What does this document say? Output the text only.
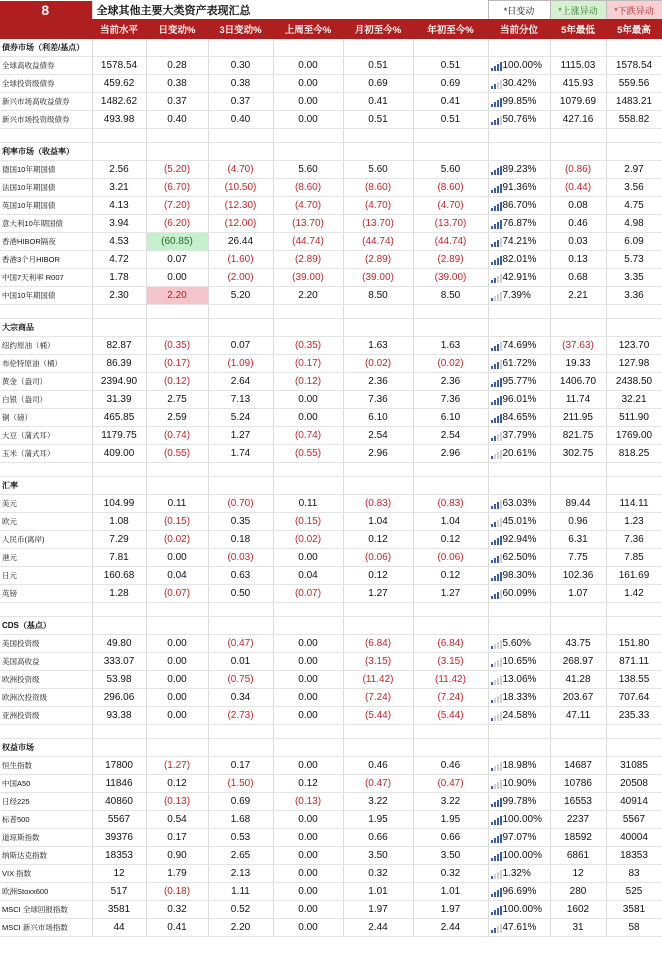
8	全球其他主要大类资产表现汇总						*日变动	*上涨异动	*下跌异动
	当前水平	日变动%	3日变动%	上周至今%	月初至今%	年初至今%	当前分位	5年最低	5年最高
债券市场（利差/基点）									
全球高收益债券	1578.54	0.28	0.30	0.00	0.51	0.51	100.00%	1115.03	1578.54
全球投资级债券	459.62	0.38	0.38	0.00	0.69	0.69	30.42%	415.93	559.56
新兴市场高收益债券	1482.62	0.37	0.37	0.00	0.41	0.41	99.85%	1079.69	1483.21
新兴市场投资级债券	493.98	0.40	0.40	0.00	0.51	0.51	50.76%	427.16	558.82

利率市场（收益率）									
德国10年期国债	2.56	(5.20)	(4.70)	5.60	5.60	5.60	89.23%	(0.86)	2.97
法国10年期国债	3.21	(6.70)	(10.50)	(8.60)	(8.60)	(8.60)	91.36%	(0.44)	3.56
英国10年期国债	4.13	(7.20)	(12.30)	(4.70)	(4.70)	(4.70)	86.70%	0.08	4.75
意大利10年期国债	3.94	(6.20)	(12.00)	(13.70)	(13.70)	(13.70)	76.87%	0.46	4.98
香港HIBOR隔夜	4.53	(60.85)	26.44	(44.74)	(44.74)	(44.74)	74.21%	0.03	6.09
香港3个月HIBOR	4.72	0.07	(1.60)	(2.89)	(2.89)	(2.89)	82.01%	0.13	5.73
中国7天利率 R007	1.78	0.00	(2.00)	(39.00)	(39.00)	(39.00)	42.91%	0.68	3.35
中国10年期国债	2.30	2.20	5.20	2.20	8.50	8.50	7.39%	2.21	3.36

大宗商品									
纽约原油（桶）	82.87	(0.35)	0.07	(0.35)	1.63	1.63	74.69%	(37.63)	123.70
布伦特原油（桶）	86.39	(0.17)	(1.09)	(0.17)	(0.02)	(0.02)	61.72%	19.33	127.98
黄金（盎司）	2394.90	(0.12)	2.64	(0.12)	2.36	2.36	95.77%	1406.70	2438.50
白银（盎司）	31.39	2.75	7.13	0.00	7.36	7.36	96.01%	11.74	32.21
铜（磅）	465.85	2.59	5.24	0.00	6.10	6.10	84.65%	211.95	511.90
大豆（蒲式耳）	1179.75	(0.74)	1.27	(0.74)	2.54	2.54	37.79%	821.75	1769.00
玉米（蒲式耳）	409.00	(0.55)	1.74	(0.55)	2.96	2.96	20.61%	302.75	818.25

汇率									
美元	104.99	0.11	(0.70)	0.11	(0.83)	(0.83)	63.03%	89.44	114.11
欧元	1.08	(0.15)	0.35	(0.15)	1.04	1.04	45.01%	0.96	1.23
人民币(离岸)	7.29	(0.02)	0.18	(0.02)	0.12	0.12	92.94%	6.31	7.36
港元	7.81	0.00	(0.03)	0.00	(0.06)	(0.06)	62.50%	7.75	7.85
日元	160.68	0.04	0.63	0.04	0.12	0.12	98.30%	102.36	161.69
英镑	1.28	(0.07)	0.50	(0.07)	1.27	1.27	60.09%	1.07	1.42

CDS（基点）									
美国投资级	49.80	0.00	(0.47)	0.00	(6.84)	(6.84)	5.60%	43.75	151.80
美国高收益	333.07	0.00	0.01	0.00	(3.15)	(3.15)	10.65%	268.97	871.11
欧洲投资级	53.98	0.00	(0.75)	0.00	(11.42)	(11.42)	13.06%	41.28	138.55
欧洲次投资级	296.06	0.00	0.34	0.00	(7.24)	(7.24)	18.33%	203.67	707.64
亚洲投资级	93.38	0.00	(2.73)	0.00	(5.44)	(5.44)	24.58%	47.11	235.33

权益市场									
恒生指数	17800	(1.27)	0.17	0.00	0.46	0.46	18.98%	14687	31085
中国A50	11846	0.12	(1.50)	0.12	(0.47)	(0.47)	10.90%	10786	20508
日经225	40860	(0.13)	0.69	(0.13)	3.22	3.22	99.78%	16553	40914
标普500	5567	0.54	1.68	0.00	1.95	1.95	100.00%	2237	5567
道琼斯指数	39376	0.17	0.53	0.00	0.66	0.66	97.07%	18592	40004
纳斯达克指数	18353	0.90	2.65	0.00	3.50	3.50	100.00%	6861	18353
VIX 指数	12	1.79	2.13	0.00	0.32	0.32	1.32%	12	83
欧洲Stoxx600	517	(0.18)	1.11	0.00	1.01	1.01	96.69%	280	525
MSCI 全球回报指数	3581	0.32	0.52	0.00	1.97	1.97	100.00%	1602	3581
MSCI 新兴市场指数	44	0.41	2.20	0.00	2.44	2.44	47.61%	31	58
